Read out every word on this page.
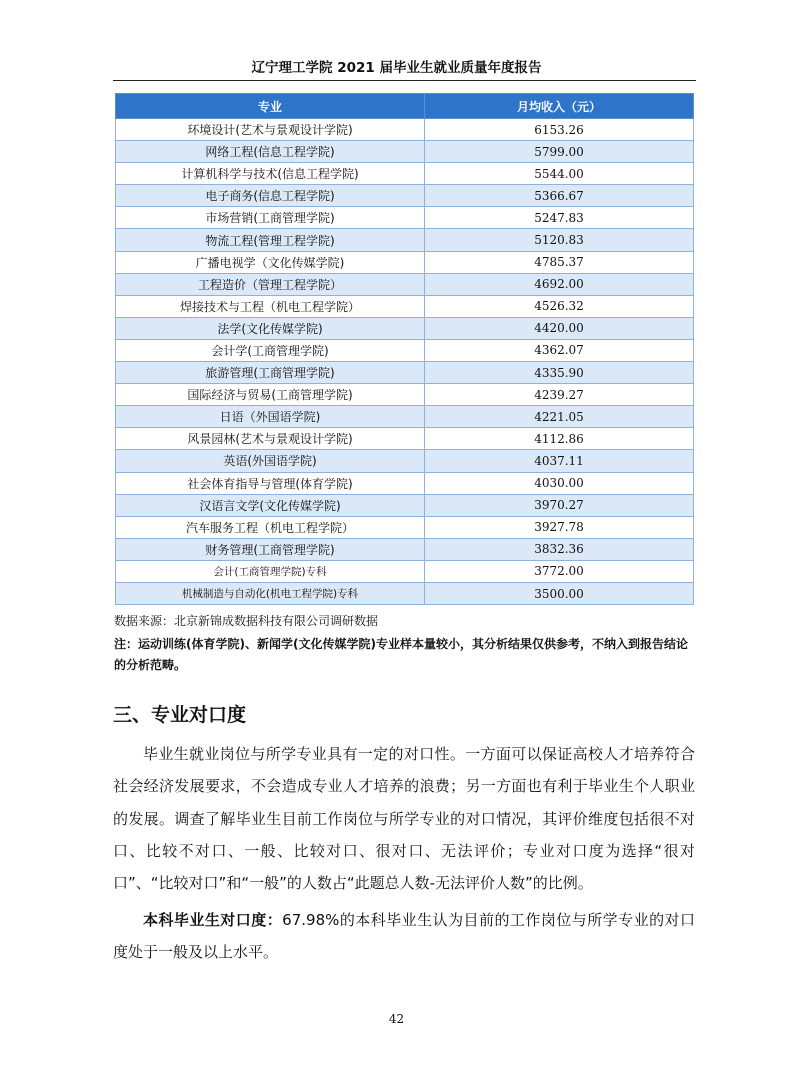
辽宁理工学院 2021 届毕业生就业质量年度报告
专业	月均收入（元）
环境设计(艺术与景观设计学院)	6153.26
网络工程(信息工程学院)	5799.00
计算机科学与技术(信息工程学院)	5544.00
电子商务(信息工程学院)	5366.67
市场营销(工商管理学院)	5247.83
物流工程(管理工程学院)	5120.83
广播电视学（文化传媒学院)	4785.37
工程造价（管理工程学院）	4692.00
焊接技术与工程（机电工程学院）	4526.32
法学(文化传媒学院)	4420.00
会计学(工商管理学院)	4362.07
旅游管理(工商管理学院)	4335.90
国际经济与贸易(工商管理学院)	4239.27
日语（外国语学院)	4221.05
风景园林(艺术与景观设计学院)	4112.86
英语(外国语学院)	4037.11
社会体育指导与管理(体育学院)	4030.00
汉语言文学(文化传媒学院)	3970.27
汽车服务工程（机电工程学院）	3927.78
财务管理(工商管理学院)	3832.36
会计(工商管理学院)专科	3772.00
机械制造与自动化(机电工程学院)专科	3500.00
数据来源：北京新锦成数据科技有限公司调研数据
注：运动训练(体育学院)、新闻学(文化传媒学院)专业样本量较小，其分析结果仅供参考，不纳入到报告结论的分析范畴。
三、专业对口度
毕业生就业岗位与所学专业具有一定的对口性。一方面可以保证高校人才培养符合社会经济发展要求，不会造成专业人才培养的浪费；另一方面也有利于毕业生个人职业的发展。调查了解毕业生目前工作岗位与所学专业的对口情况，其评价维度包括很不对口、比较不对口、一般、比较对口、很对口、无法评价；专业对口度为选择“很对口”、“比较对口”和“一般”的人数占“此题总人数-无法评价人数”的比例。
本科毕业生对口度：67.98%的本科毕业生认为目前的工作岗位与所学专业的对口度处于一般及以上水平。
42
